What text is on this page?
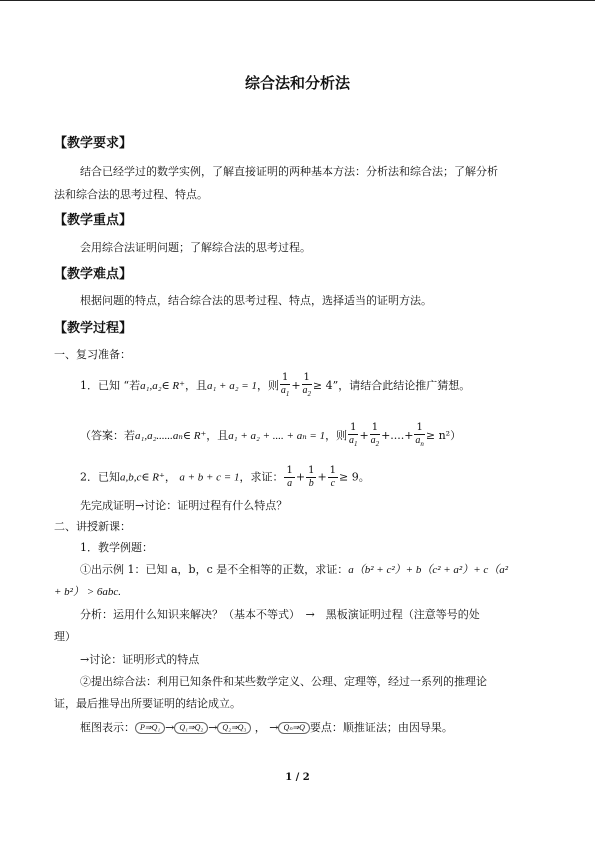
综合法和分析法
【教学要求】
结合已经学过的数学实例，了解直接证明的两种基本方法：分析法和综合法；了解分析
法和综合法的思考过程、特点。
【教学重点】
会用综合法证明问题；了解综合法的思考过程。
【教学难点】
根据问题的特点，结合综合法的思考过程、特点，选择适当的证明方法。
【教学过程】
一、复习准备：
1．已知 “若a₁,a₂∈ R⁺，且a₁ + a₂ = 1，则 $\frac{1}{a_1} + \frac{1}{a_2} \ge 4$”，请结合此结论推广猜想。
（答案：若a₁,a₂......aₙ∈ R⁺，且a₁ + a₂ + .... + aₙ = 1，则 $\frac{1}{a_1} + \frac{1}{a_2}$ +....+ $\frac{1}{a_n} \ge n^2$）
2．已知a,b,c∈ R⁺， a + b + c = 1，求证： $\frac{1}{a} + \frac{1}{b} + \frac{1}{c} \ge 9$。
先完成证明→讨论：证明过程有什么特点？
二、讲授新课：
1．教学例题：
①出示例 1：已知 a，b，c 是不全相等的正数，求证：a（b² + c²）+ b（c² + a²）+ c（a²
+ b²） > 6abc.
分析：运用什么知识来解决？（基本不等式）　→　黑板演证明过程（注意等号的处
理）
→讨论：证明形式的特点
②提出综合法：利用已知条件和某些数学定义、公理、定理等，经过一系列的推理论
证，最后推导出所要证明的结论成立。
框图表示： P⇒Q₁ → Q₁⇒Q₂ → Q₂⇒Q₃ ， → Qₙ⇒Q 要点：顺推证法；由因导果。
1 / 2
